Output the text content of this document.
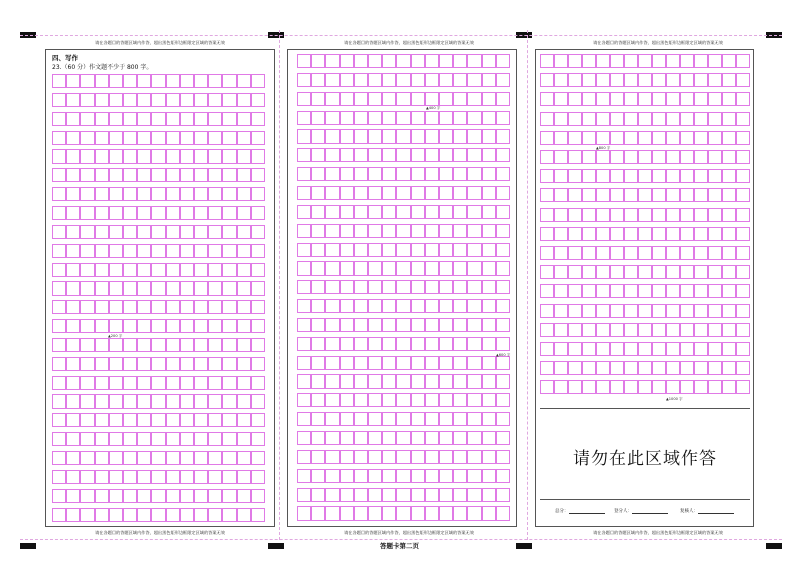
请在各题目的答题区域内作答，超出黑色矩形边框限定区域的答案无效	请在各题目的答题区域内作答，超出黑色矩形边框限定区域的答案无效	请在各题目的答题区域内作答，超出黑色矩形边框限定区域的答案无效
请在各题目的答题区域内作答，超出黑色矩形边框限定区域的答案无效	请在各题目的答题区域内作答，超出黑色矩形边框限定区域的答案无效	请在各题目的答题区域内作答，超出黑色矩形边框限定区域的答案无效
四、写作
23.（60 分）作文题不少于 800 字。
▲200 字
▲400 字
▲600 字
▲800 字
▲1000 字
请勿在此区域作答
总分：	登分人：	复核人：
答题卡第二页
